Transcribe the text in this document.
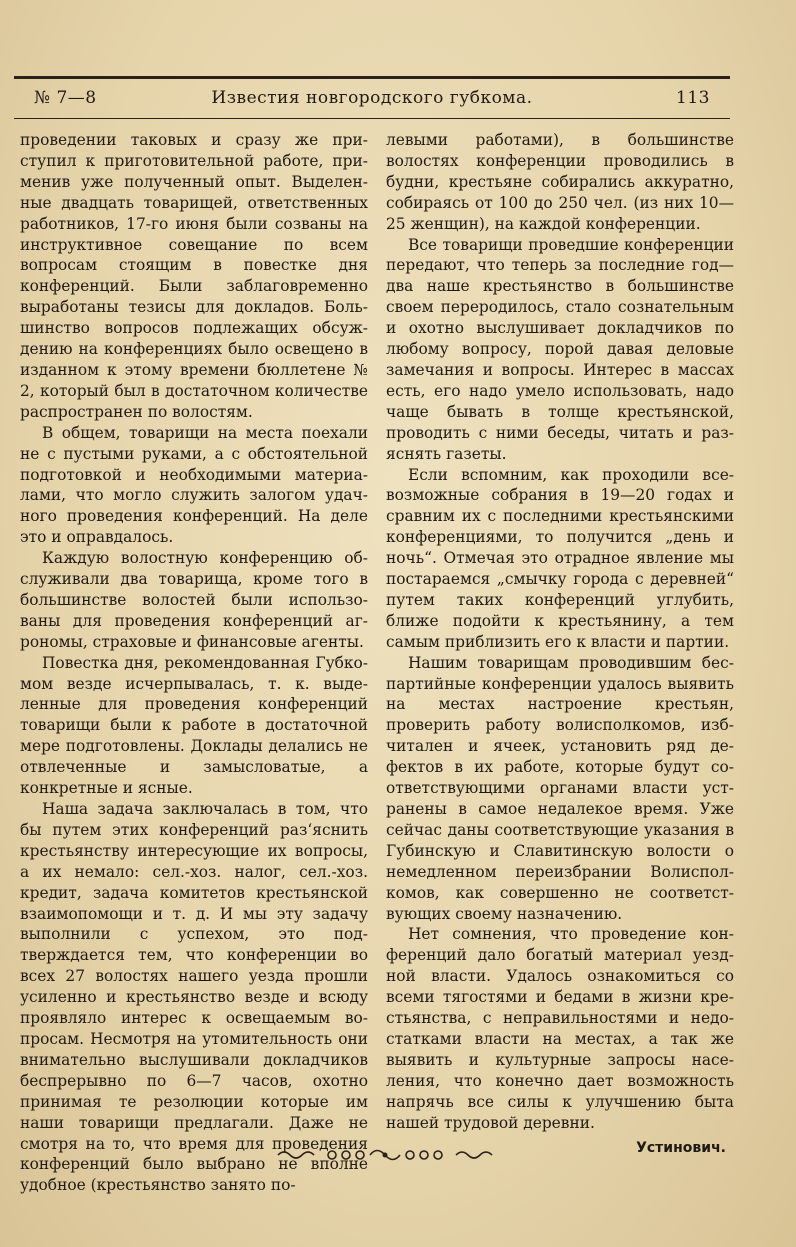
№ 7—8	Известия новгородского губкома.	113

проведении таковых и сразу же приступил к приготовительной работе, применив уже полученный опыт. Выделенные двадцать товарищей, ответственных работников, 17-го июня были созваны на инструктивное совещание по всем вопросам стоящим в повестке дня конференций. Были заблаговременно выработаны тезисы для докладов. Большинство вопросов подлежащих обсуждению на конференциях было освещено в изданном к этому времени бюллетене № 2, который был в достаточном количестве распространен по волостям.

В общем, товарищи на места поехали не с пустыми руками, а с обстоятельной подготовкой и необходимыми материалами, что могло служить залогом удачного проведения конференций. На деле это и оправдалось.

Каждую волостную конференцию обслуживали два товарища, кроме того в большинстве волостей были использованы для проведения конференций агрономы, страховые и финансовые агенты.

Повестка дня, рекомендованная Губкомом везде исчерпывалась, т. к. выделенные для проведения конференций товарищи были к работе в достаточной мере подготовлены. Доклады делались не отвлеченные и замысловатые, а конкретные и ясные.

Наша задача заключалась в том, что бы путем этих конференций раз‘яснить крестьянству интересующие их вопросы, а их немало: сел.-хоз. налог, сел.-хоз. кредит, задача комитетов крестьянской взаимопомощи и т. д. И мы эту задачу выполнили с успехом, это подтверждается тем, что конференции во всех 27 волостях нашего уезда прошли усиленно и крестьянство везде и всюду проявляло интерес к освещаемым вопросам. Несмотря на утомительность они внимательно выслушивали докладчиков беспрерывно по 6—7 часов, охотно принимая те резолюции которые им наши товарищи предлагали. Даже не смотря на то, что время для проведения конференций было выбрано не вполне удобное (крестьянство занято по-

левыми работами), в большинстве волостях конференции проводились в будни, крестьяне собирались аккуратно, собираясь от 100 до 250 чел. (из них 10—25 женщин), на каждой конференции.

Все товарищи проведшие конференции передают, что теперь за последние год—два наше крестьянство в большинстве своем переродилось, стало сознательным и охотно выслушивает докладчиков по любому вопросу, порой давая деловые замечания и вопросы. Интерес в массах есть, его надо умело использовать, надо чаще бывать в толще крестьянской, проводить с ними беседы, читать и разяснять газеты.

Если вспомним, как проходили всевозможные собрания в 19—20 годах и сравним их с последними крестьянскими конференциями, то получится „день и ночь“. Отмечая это отрадное явление мы постараемся „смычку города с деревней“ путем таких конференций углубить, ближе подойти к крестьянину, а тем самым приблизить его к власти и партии.

Нашим товарищам проводившим беспартийные конференции удалось выявить на местах настроение крестьян, проверить работу волисполкомов, избчитален и ячеек, установить ряд дефектов в их работе, которые будут соответствующими органами власти устранены в самое недалекое время. Уже сейчас даны соответствующие указания в Губинскую и Славитинскую волости о немедленном переизбрании Волисполкомов, как совершенно не соответствующих своему назначению.

Нет сомнения, что проведение конференций дало богатый материал уездной власти. Удалось ознакомиться со всеми тягостями и бедами в жизни крестьянства, с неправильностями и недостатками власти на местах, а так же выявить и культурные запросы населения, что конечно дает возможность напрячь все силы к улучшению быта нашей трудовой деревни.

Устинович.
